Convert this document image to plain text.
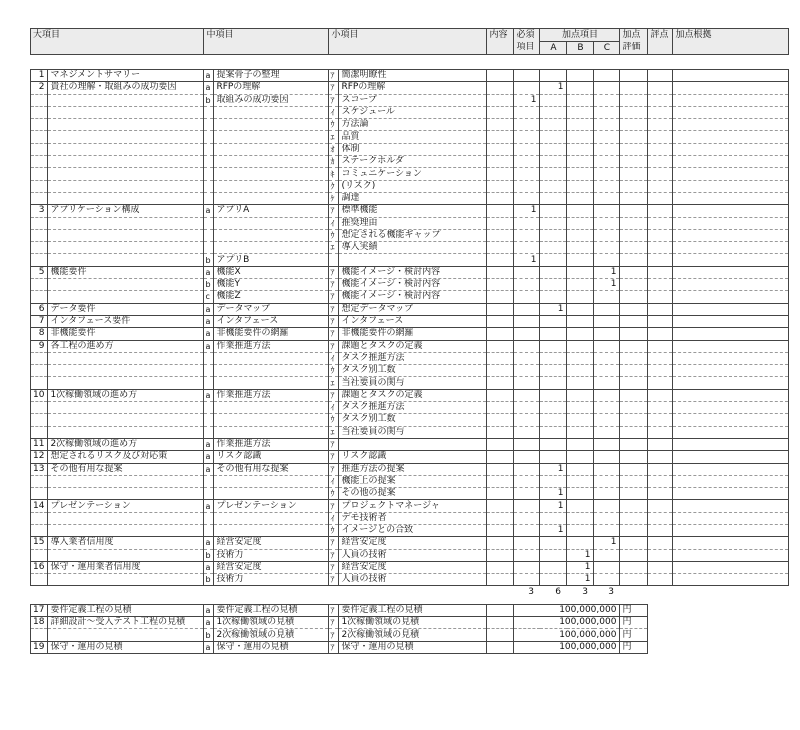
大項目		中項目		小項目		内容	必須	加点項目			加点	評点	加点根拠
							項目	A	B	C	評価		

1	マネジメントサマリー	a	提案骨子の整理	ｱ	簡潔明瞭性								
2	貴社の理解・取組みの成功要因	a	RFPの理解	ｱ	RFPの理解			1					
		b	取組みの成功要因	ｱ	スコープ		1						
				ｲ	スケジュール								
				ｳ	方法論								
				ｴ	品質								
				ｵ	体制								
				ｶ	ステークホルダ								
				ｷ	コミュニケーション								
				ｸ	(リスク)								
				ｹ	調達								
3	アプリケーション構成	a	アプリA	ｱ	標準機能		1						
				ｲ	推奨理由								
				ｳ	想定される機能ギャップ								
				ｴ	導入実績								
		b	アプリB				1						
5	機能要件	a	機能X	ｱ	機能イメージ・検討内容					1			
		b	機能Y	ｱ	機能イメージ・検討内容					1			
		c	機能Z	ｱ	機能イメージ・検討内容								
6	データ要件	a	データマップ	ｱ	想定データマップ			1					
7	インタフェース要件	a	インタフェース	ｱ	インタフェース								
8	非機能要件	a	非機能要件の網羅	ｱ	非機能要件の網羅								
9	各工程の進め方	a	作業推進方法	ｱ	課題とタスクの定義								
				ｲ	タスク推進方法								
				ｳ	タスク別工数								
				ｴ	当社要員の関与								
10	1次稼働領域の進め方	a	作業推進方法	ｱ	課題とタスクの定義								
				ｲ	タスク推進方法								
				ｳ	タスク別工数								
				ｴ	当社要員の関与								
11	2次稼働領域の進め方	a	作業推進方法	ｱ									
12	想定されるリスク及び対応策	a	リスク認識	ｱ	リスク認識								
13	その他有用な提案	a	その他有用な提案	ｱ	推進方法の提案			1					
				ｲ	機能上の提案								
				ｳ	その他の提案			1					
14	プレゼンテーション	a	プレゼンテーション	ｱ	プロジェクトマネージャ			1					
				ｲ	デモ技術者								
				ｳ	イメージとの合致			1					
15	導入業者信用度	a	経営安定度	ｱ	経営安定度					1			
		b	技術力	ｱ	人員の技術				1				
16	保守・運用業者信用度	a	経営安定度	ｱ	経営安定度				1				
		b	技術力	ｱ	人員の技術				1				
							3	6	3	3			

17	要件定義工程の見積	a	要件定義工程の見積	ｱ	要件定義工程の見積		100,000,000				円		
18	詳細設計～受入テスト工程の見積	a	1次稼働領域の見積	ｱ	1次稼働領域の見積		100,000,000				円		
		b	2次稼働領域の見積	ｱ	2次稼働領域の見積		100,000,000				円		
19	保守・運用の見積	a	保守・運用の見積	ｱ	保守・運用の見積		100,000,000				円		
